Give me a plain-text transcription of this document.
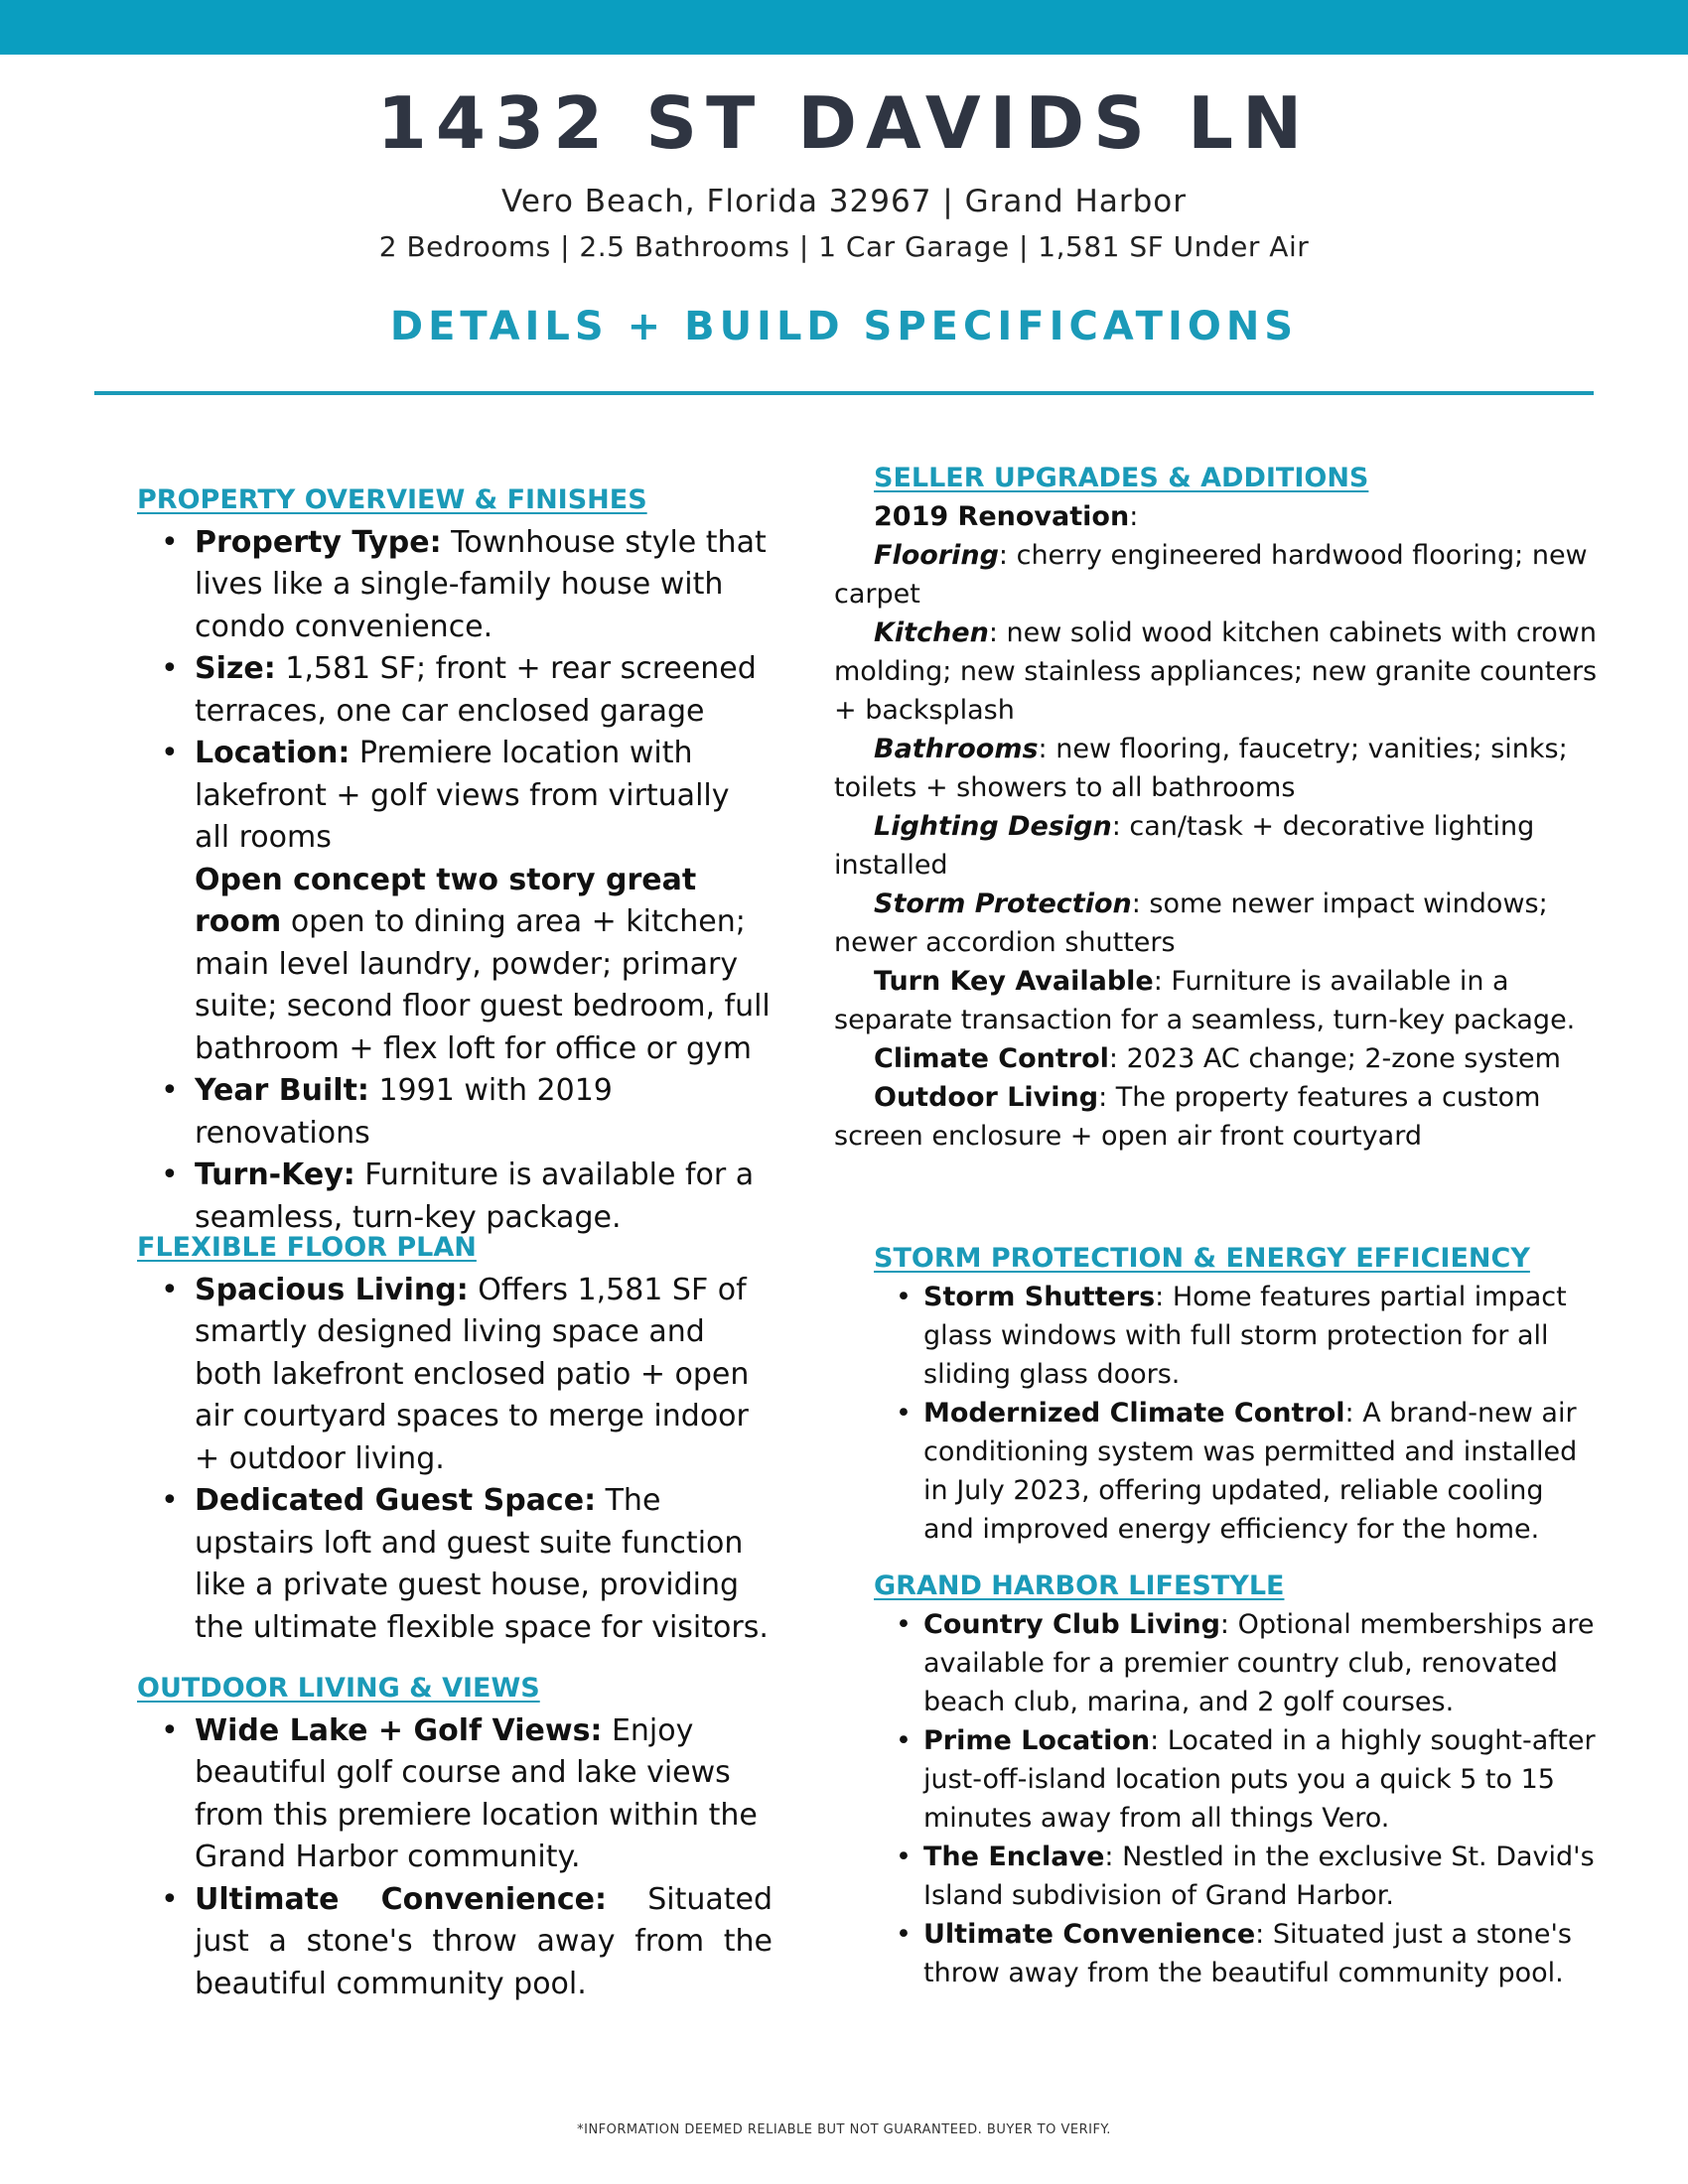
1432 ST DAVIDS LN
Vero Beach, Florida 32967 | Grand Harbor
2 Bedrooms | 2.5 Bathrooms | 1 Car Garage | 1,581 SF Under Air
DETAILS + BUILD SPECIFICATIONS
PROPERTY OVERVIEW & FINISHES
• Property Type: Townhouse style that lives like a single-family house with condo convenience.
• Size: 1,581 SF; front + rear screened terraces, one car enclosed garage
• Location: Premiere location with lakefront + golf views from virtually all rooms
Open concept two story great room open to dining area + kitchen; main level laundry, powder; primary suite; second floor guest bedroom, full bathroom + flex loft for office or gym
• Year Built: 1991 with 2019 renovations
• Turn-Key: Furniture is available for a seamless, turn-key package.
FLEXIBLE FLOOR PLAN
• Spacious Living: Offers 1,581 SF of smartly designed living space and both lakefront enclosed patio + open air courtyard spaces to merge indoor + outdoor living.
• Dedicated Guest Space: The upstairs loft and guest suite function like a private guest house, providing the ultimate flexible space for visitors.
OUTDOOR LIVING & VIEWS
• Wide Lake + Golf Views: Enjoy beautiful golf course and lake views from this premiere location within the Grand Harbor community.
• Ultimate Convenience: Situated just a stone's throw away from the beautiful community pool.
SELLER UPGRADES & ADDITIONS

2019 Renovation:

Flooring: cherry engineered hardwood flooring; new carpet

Kitchen: new solid wood kitchen cabinets with crown molding; new stainless appliances; new granite counters + backsplash

Bathrooms: new flooring, faucetry; vanities; sinks; toilets + showers to all bathrooms

Lighting Design: can/task + decorative lighting installed

Storm Protection: some newer impact windows; newer accordion shutters

Turn Key Available: Furniture is available in a separate transaction for a seamless, turn-key package.

Climate Control: 2023 AC change; 2-zone system

Outdoor Living: The property features a custom screen enclosure + open air front courtyard

STORM PROTECTION & ENERGY EFFICIENCY
• Storm Shutters: Home features partial impact glass windows with full storm protection for all sliding glass doors.
• Modernized Climate Control: A brand-new air conditioning system was permitted and installed in July 2023, offering updated, reliable cooling and improved energy efficiency for the home.
GRAND HARBOR LIFESTYLE
• Country Club Living: Optional memberships are available for a premier country club, renovated beach club, marina, and 2 golf courses.
• Prime Location: Located in a highly sought-after just-off-island location puts you a quick 5 to 15 minutes away from all things Vero.
• The Enclave: Nestled in the exclusive St. David's Island subdivision of Grand Harbor.
• Ultimate Convenience: Situated just a stone's throw away from the beautiful community pool.
*INFORMATION DEEMED RELIABLE BUT NOT GUARANTEED. BUYER TO VERIFY.
